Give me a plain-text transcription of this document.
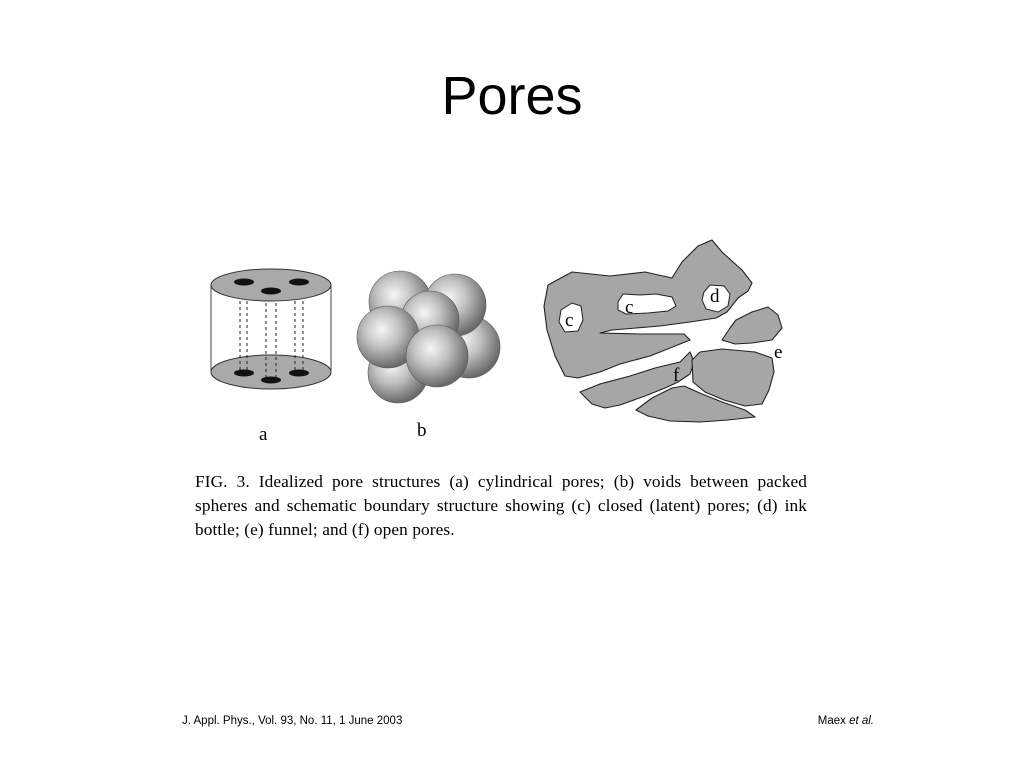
Pores
c
c
d
e
f
a	b
FIG. 3. Idealized pore structures (a) cylindrical pores; (b) voids between packed spheres and schematic boundary structure showing (c) closed (latent) pores; (d) ink bottle; (e) funnel; and (f) open pores.
J. Appl. Phys., Vol. 93, No. 11, 1 June 2003	Maex et al.
